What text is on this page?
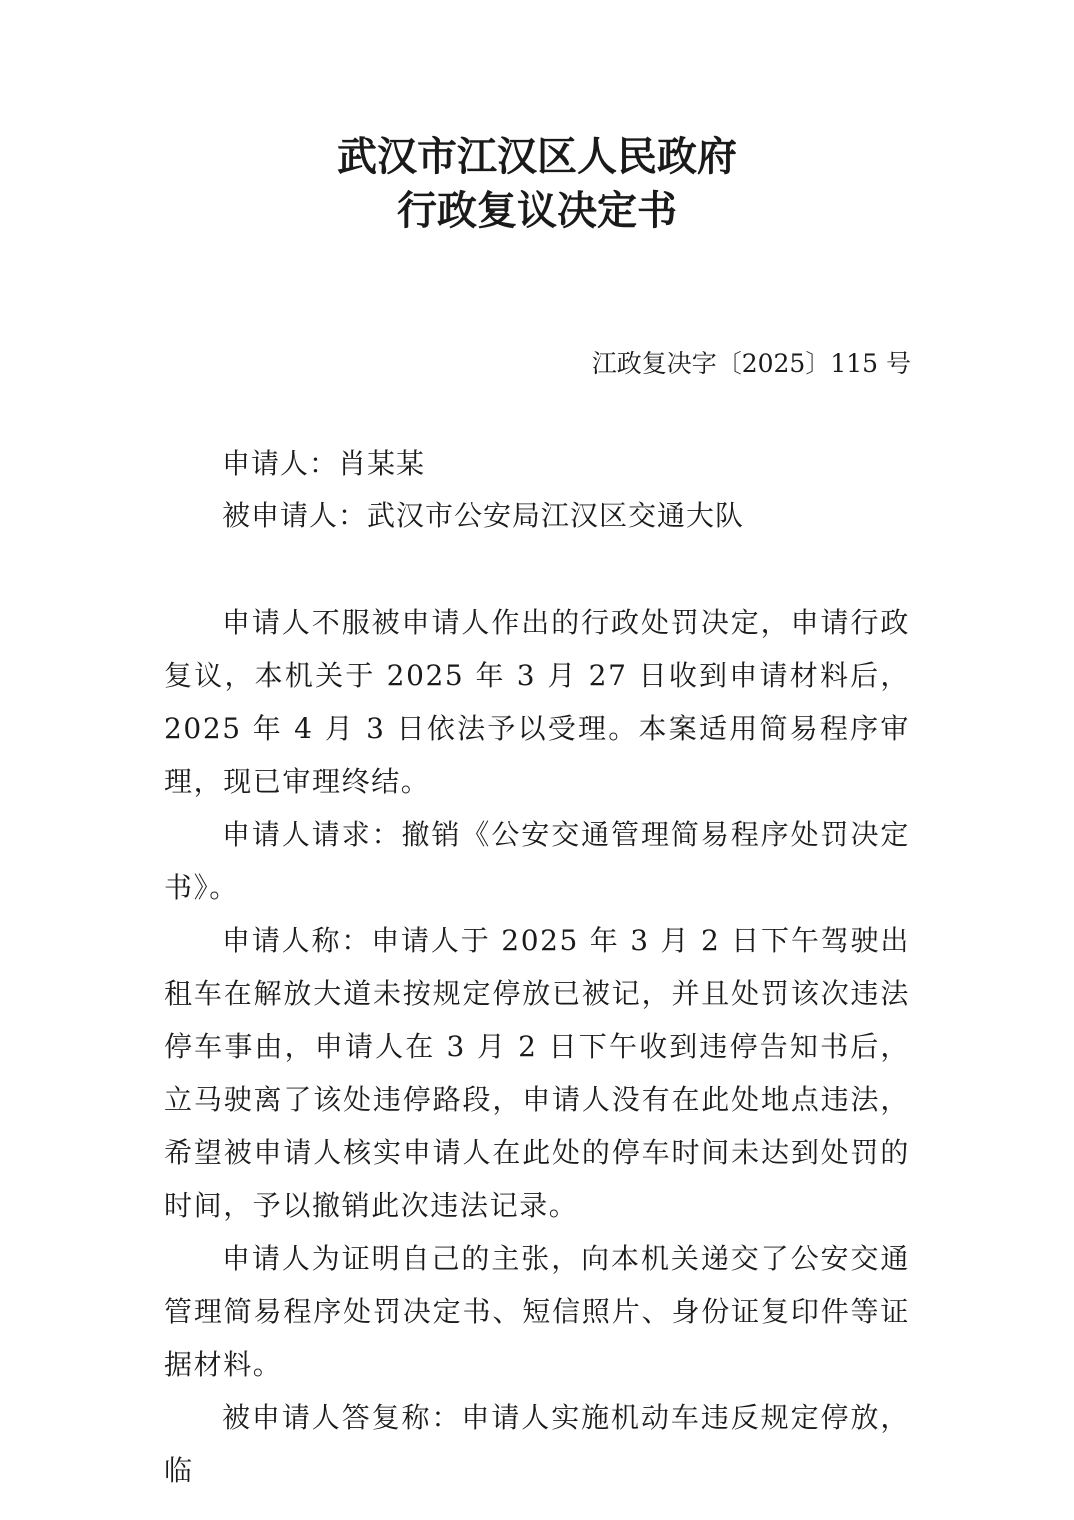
武汉市江汉区人民政府
行政复议决定书
江政复决字〔2025〕115 号
申请人：肖某某
被申请人：武汉市公安局江汉区交通大队

申请人不服被申请人作出的行政处罚决定，申请行政复议，本机关于 2025 年 3 月 27 日收到申请材料后，2025 年 4 月 3 日依法予以受理。本案适用简易程序审理，现已审理终结。

申请人请求：撤销《公安交通管理简易程序处罚决定书》。

申请人称：申请人于 2025 年 3 月 2 日下午驾驶出租车在解放大道未按规定停放已被记，并且处罚该次违法停车事由，申请人在 3 月 2 日下午收到违停告知书后，立马驶离了该处违停路段，申请人没有在此处地点违法，希望被申请人核实申请人在此处的停车时间未达到处罚的时间，予以撤销此次违法记录。

申请人为证明自己的主张，向本机关递交了公安交通管理简易程序处罚决定书、短信照片、身份证复印件等证据材料。

被申请人答复称：申请人实施机动车违反规定停放，临
